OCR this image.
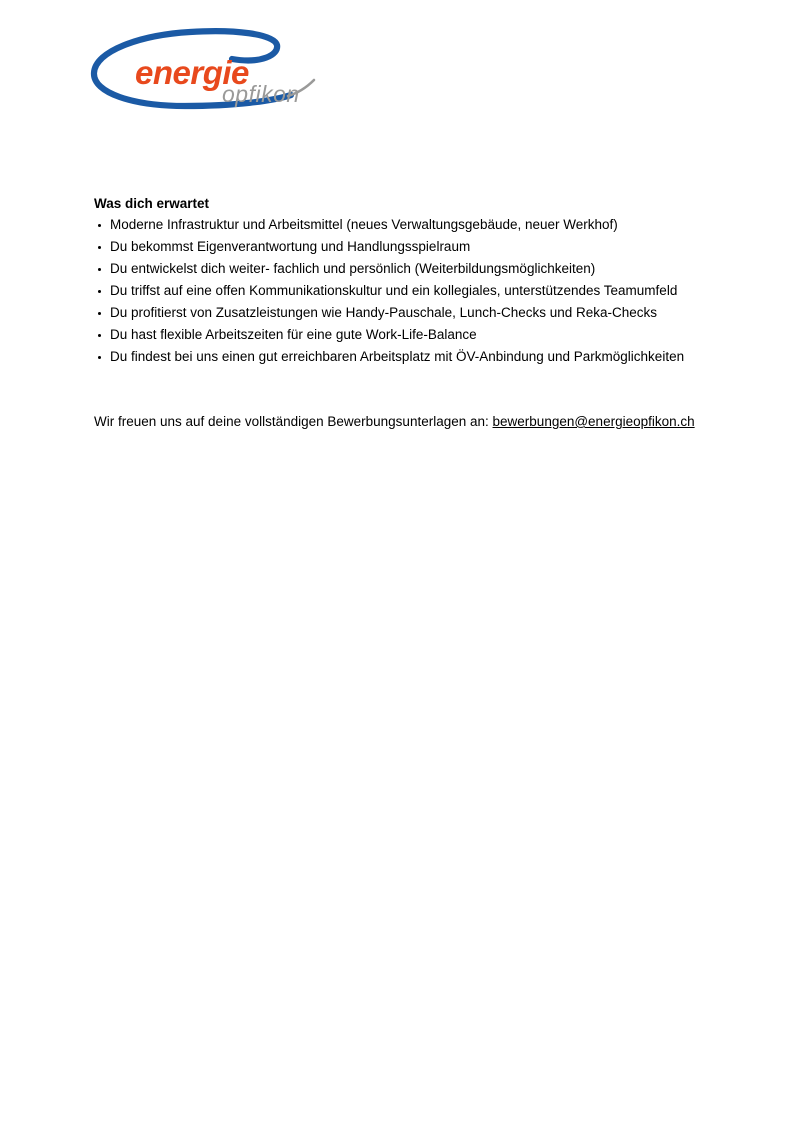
energie
opfikon
Was dich erwartet
Moderne Infrastruktur und Arbeitsmittel (neues Verwaltungsgebäude, neuer Werkhof)
Du bekommst Eigenverantwortung und Handlungsspielraum
Du entwickelst dich weiter- fachlich und persönlich (Weiterbildungsmöglichkeiten)
Du triffst auf eine offen Kommunikationskultur und ein kollegiales, unterstützendes Teamumfeld
Du profitierst von Zusatzleistungen wie Handy-Pauschale, Lunch-Checks und Reka-Checks
Du hast flexible Arbeitszeiten für eine gute Work-Life-Balance
Du findest bei uns einen gut erreichbaren Arbeitsplatz mit ÖV-Anbindung und Parkmöglichkeiten

Wir freuen uns auf deine vollständigen Bewerbungsunterlagen an: bewerbungen@energieopfikon.ch
